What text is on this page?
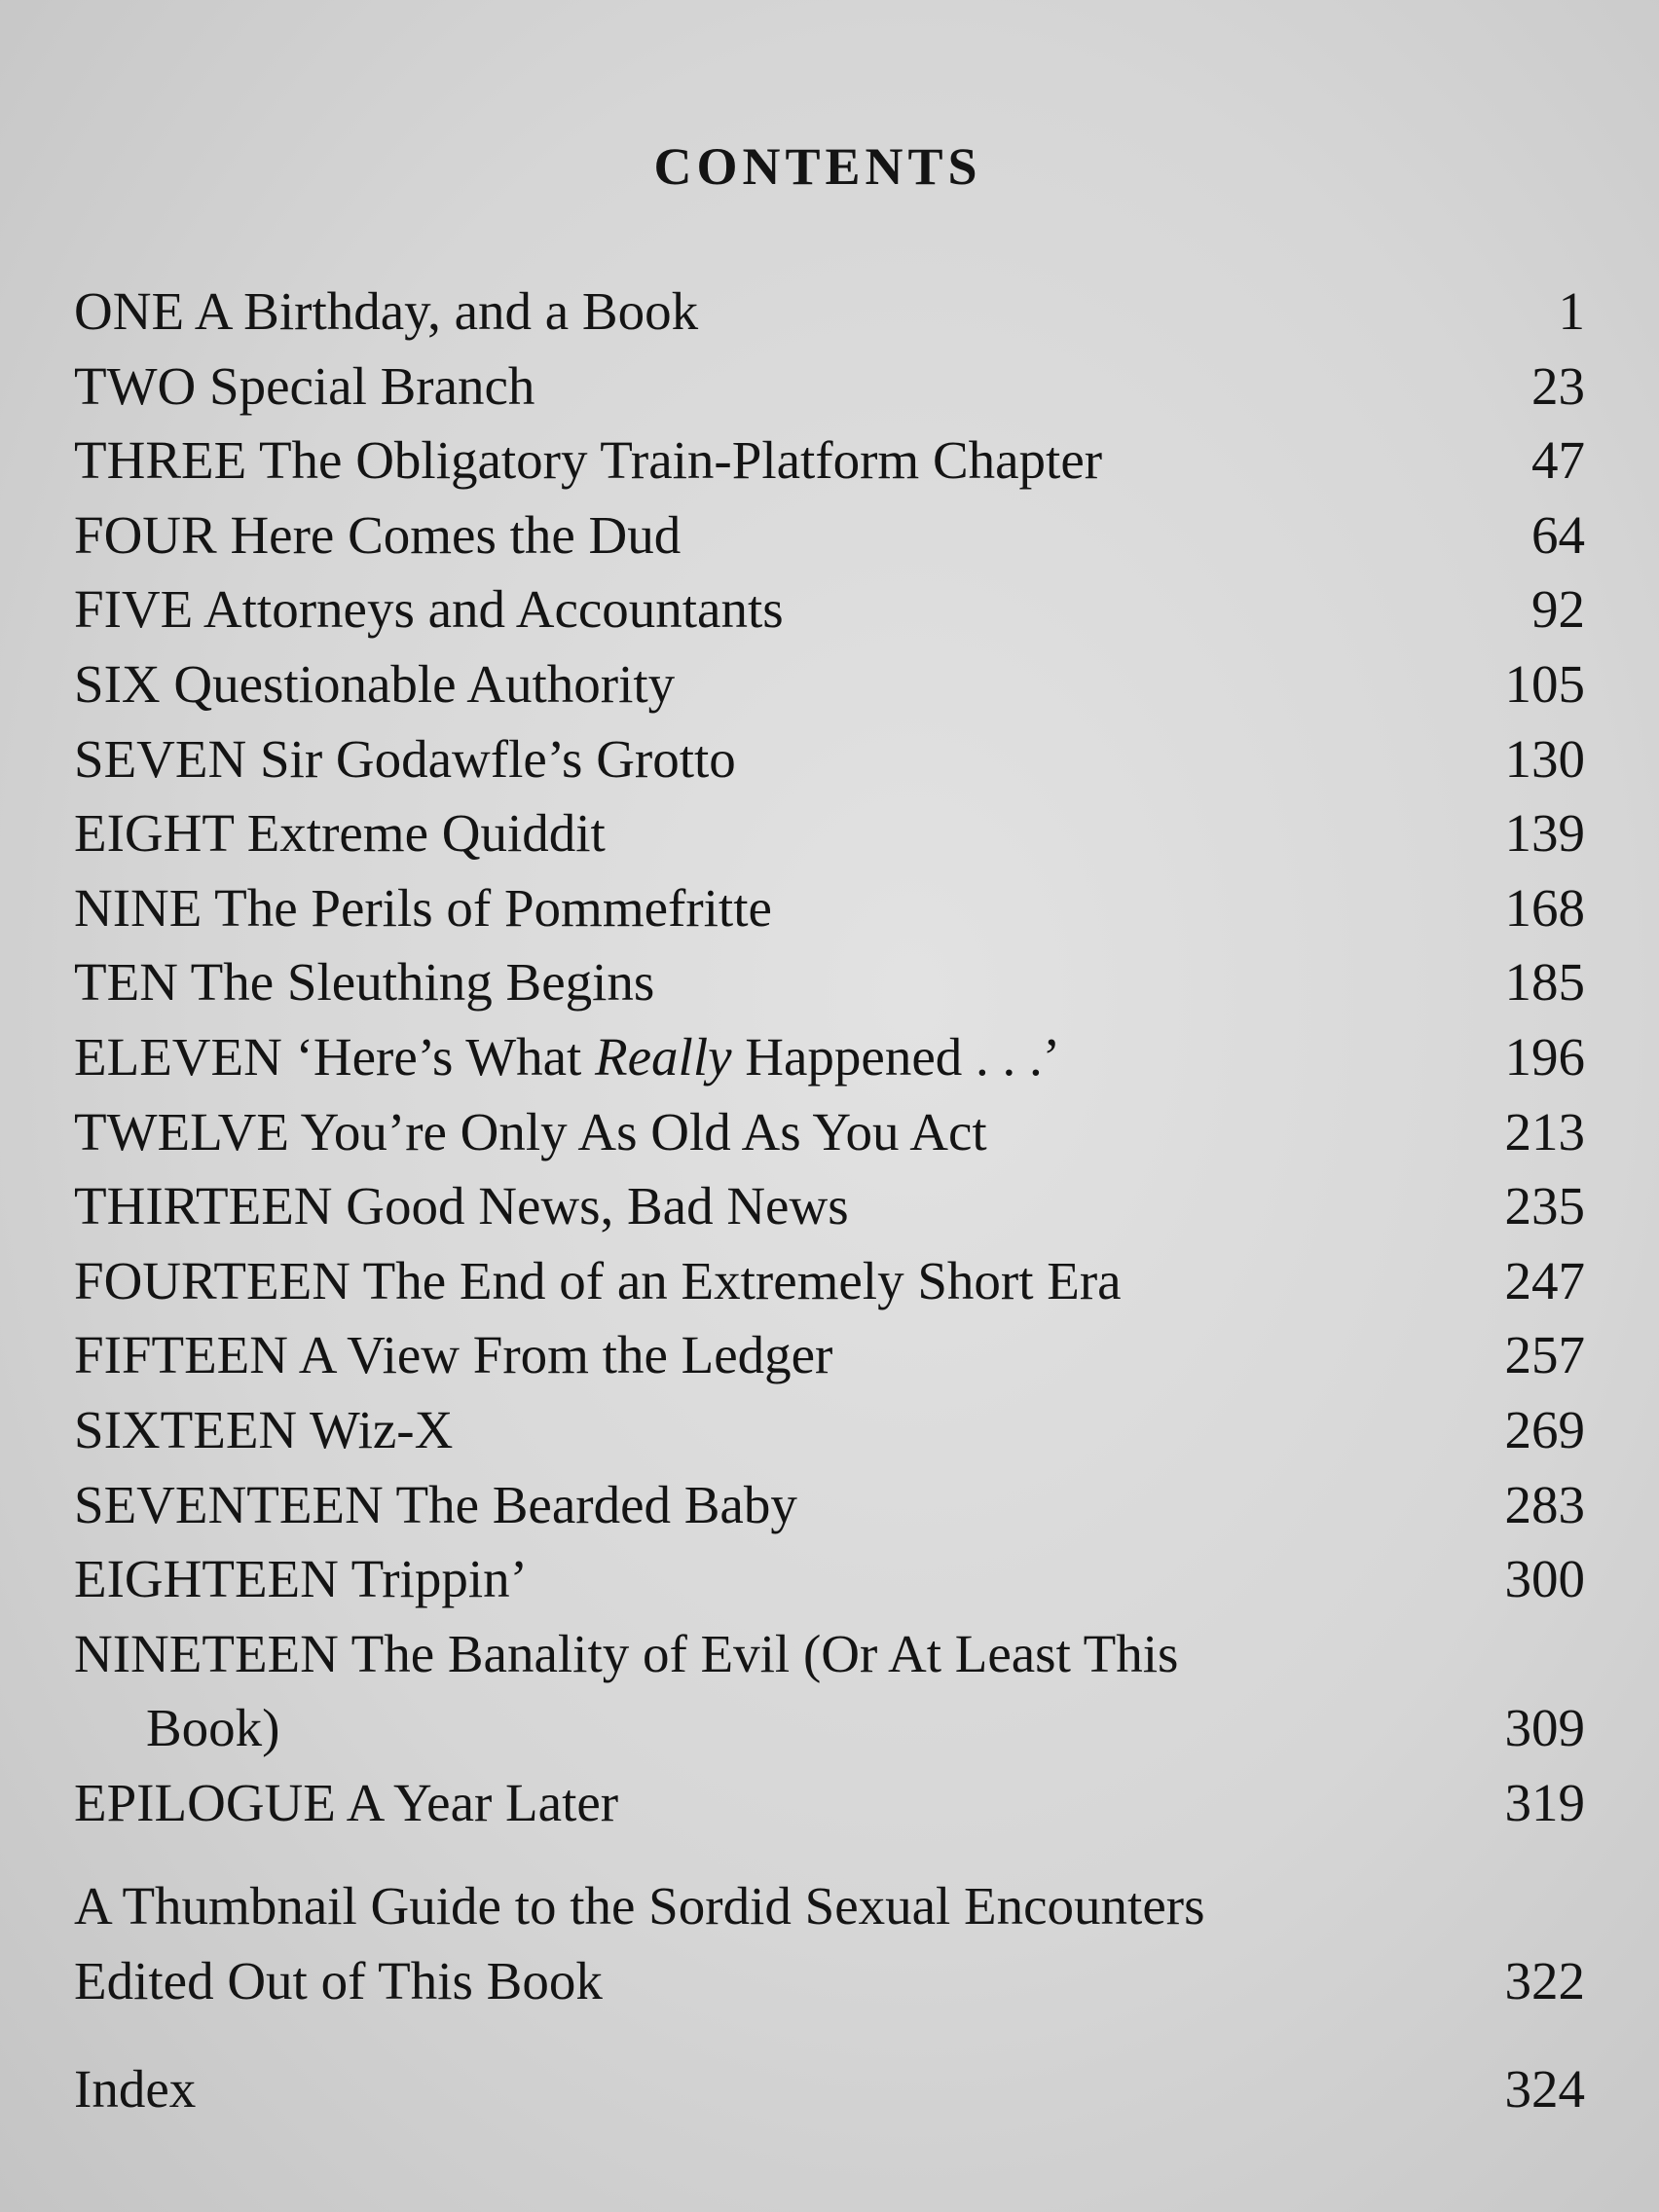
CONTENTS
ONE A Birthday, and a Book	1
TWO Special Branch	23
THREE The Obligatory Train-Platform Chapter	47
FOUR Here Comes the Dud	64
FIVE Attorneys and Accountants	92
SIX Questionable Authority	105
SEVEN Sir Godawfle’s Grotto	130
EIGHT Extreme Quiddit	139
NINE The Perils of Pommefritte	168
TEN The Sleuthing Begins	185
ELEVEN ‘Here’s What Really Happened . . .’	196
TWELVE You’re Only As Old As You Act	213
THIRTEEN Good News, Bad News	235
FOURTEEN The End of an Extremely Short Era	247
FIFTEEN A View From the Ledger	257
SIXTEEN Wiz-X	269
SEVENTEEN The Bearded Baby	283
EIGHTEEN Trippin’	300
NINETEEN The Banality of Evil (Or At Least This
Book)	309
EPILOGUE A Year Later	319
A Thumbnail Guide to the Sordid Sexual Encounters
Edited Out of This Book	322
Index	324
